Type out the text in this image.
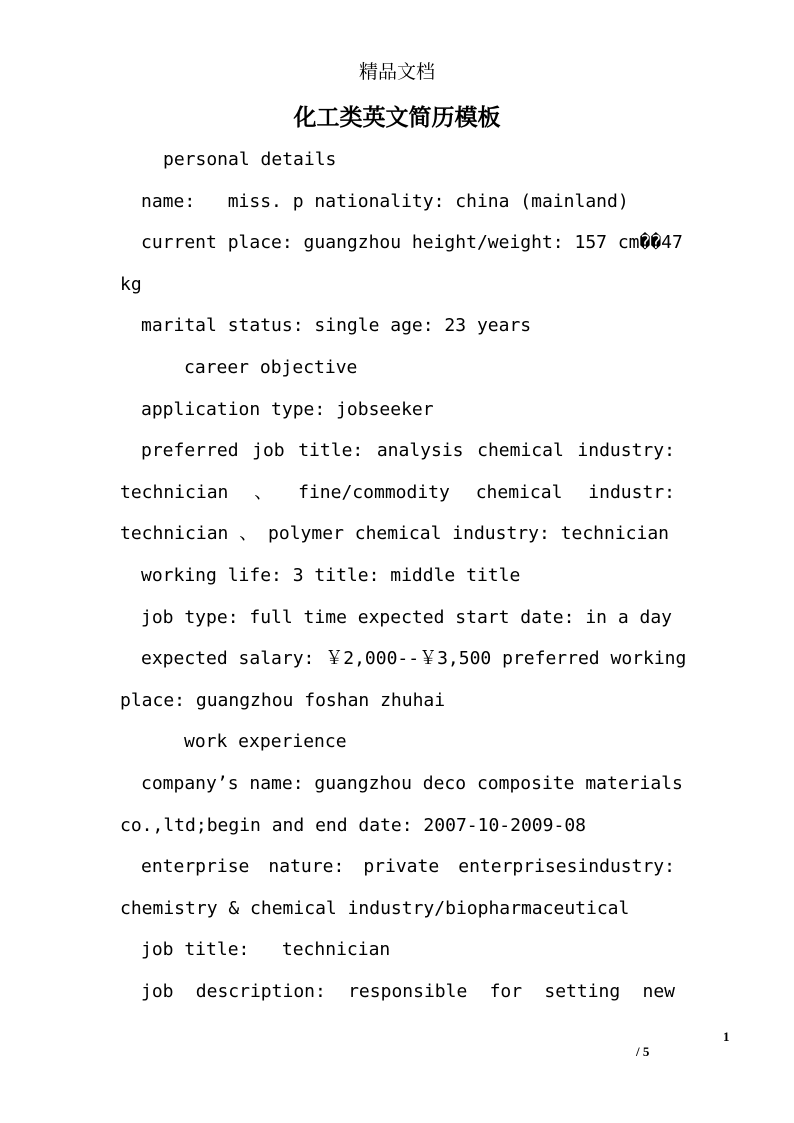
精品文档
化工类英文简历模板
personal details
name:   miss. p nationality: china (mainland)
current place: guangzhou height/weight: 157 cm��47
kg
marital status: single age: 23 years
career objective
application type: jobseeker
preferred job title: analysis chemical industry:
technician 、 fine/commodity chemical industr:
technician 、 polymer chemical industry: technician
working life: 3 title: middle title
job type: full time expected start date: in a day
expected salary: ￥2,000--￥3,500 preferred working
place: guangzhou foshan zhuhai
work experience
company’s name: guangzhou deco composite materials
co.,ltd;begin and end date: 2007-10-2009-08
enterprise nature: private enterprisesindustry:
chemistry & chemical industry/biopharmaceutical
job title:   technician
job description: responsible for setting new
1
/ 5
